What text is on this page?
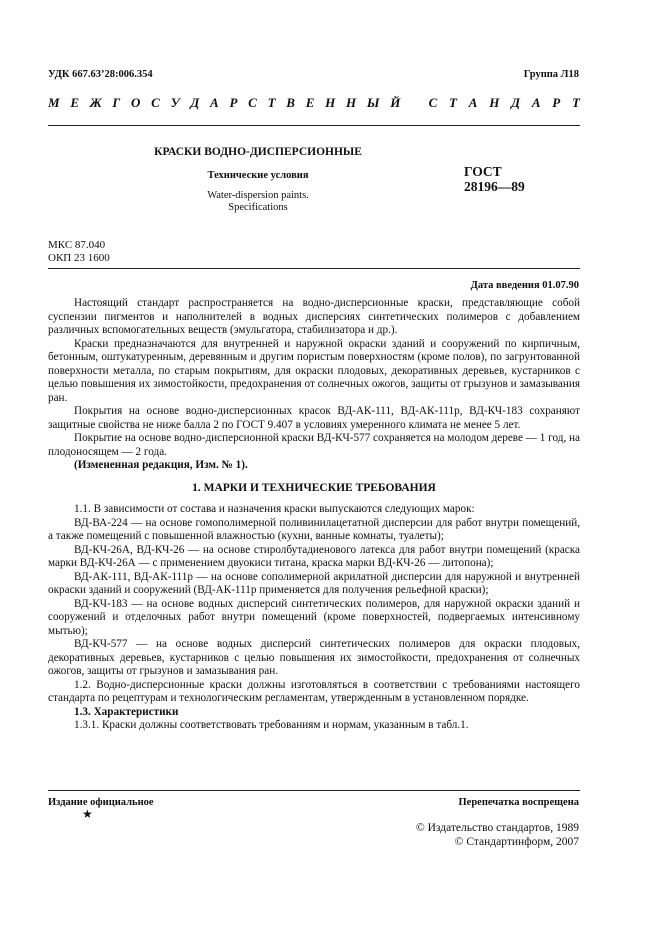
УДК 667.63’28:006.354	Группа Л18
М Е Ж Г О С У Д А Р С Т В Е Н Н Ы Й С Т А Н Д А Р Т
КРАСКИ ВОДНО-ДИСПЕРСИОННЫЕ
Технические условия
Water-dispersion paints.
Specifications
ГОСТ
28196—89
МКС 87.040
ОКП 23 1600
Дата введения 01.07.90

Настоящий стандарт распространяется на водно-дисперсионные краски, представляющие собой суспензии пигментов и наполнителей в водных дисперсиях синтетических полимеров с добавлением различных вспомогательных веществ (эмульгатора, стабилизатора и др.).

Краски предназначаются для внутренней и наружной окраски зданий и сооружений по кирпичным, бетонным, оштукатуренным, деревянным и другим пористым поверхностям (кроме полов), по загрунтованной поверхности металла, по старым покрытиям, для окраски плодовых, декоративных деревьев, кустарников с целью повышения их зимостойкости, предохранения от солнечных ожогов, защиты от грызунов и замазывания ран.

Покрытия на основе водно-дисперсионных красок ВД-АК-111, ВД-АК-111р, ВД-КЧ-183 сохраняют защитные свойства не ниже балла 2 по ГОСТ 9.407 в условиях умеренного климата не менее 5 лет.

Покрытие на основе водно-дисперсионной краски ВД-КЧ-577 сохраняется на молодом дереве — 1 год, на плодоносящем — 2 года.

(Измененная редакция, Изм. № 1).

1. МАРКИ И ТЕХНИЧЕСКИЕ ТРЕБОВАНИЯ

1.1. В зависимости от состава и назначения краски выпускаются следующих марок:

ВД-ВА-224 — на основе гомополимерной поливинилацетатной дисперсии для работ внутри помещений, а также помещений с повышенной влажностью (кухни, ванные комнаты, туалеты);

ВД-КЧ-26А, ВД-КЧ-26 — на основе стиролбутадиенового латекса для работ внутри помещений (краска марки ВД-КЧ-26А — с применением двуокиси титана, краска марки ВД-КЧ-26 — литопона);

ВД-АК-111, ВД-АК-111р — на основе сополимерной акрилатной дисперсии для наружной и внутренней окраски зданий и сооружений (ВД-АК-111р применяется для получения рельефной краски);

ВД-КЧ-183 — на основе водных дисперсий синтетических полимеров, для наружной окраски зданий и сооружений и отделочных работ внутри помещений (кроме поверхностей, подвергаемых интенсивному мытью);

ВД-КЧ-577 — на основе водных дисперсий синтетических полимеров для окраски плодовых, декоративных деревьев, кустарников с целью повышения их зимостойкости, предохранения от солнечных ожогов, защиты от грызунов и замазывания ран.

1.2. Водно-дисперсионные краски должны изготовляться в соответствии с требованиями настоящего стандарта по рецептурам и технологическим регламентам, утвержденным в установленном порядке.

1.3. Характеристики

1.3.1. Краски должны соответствовать требованиям и нормам, указанным в табл.1.

Издание официальное	Перепечатка воспрещена
★
© Издательство стандартов, 1989
© Стандартинформ, 2007
